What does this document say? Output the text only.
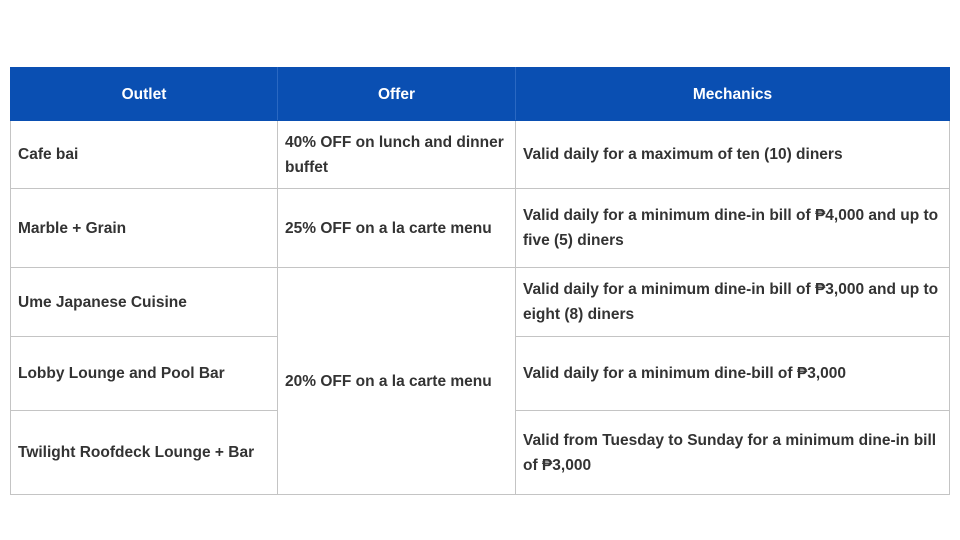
Outlet	Offer	Mechanics
Cafe bai	40% OFF on lunch and dinner buffet	Valid daily for a maximum of ten (10) diners
Marble + Grain	25% OFF on a la carte menu	Valid daily for a minimum dine-in bill of ₱4,000 and up to five (5) diners
Ume Japanese Cuisine	20% OFF on a la carte menu	Valid daily for a minimum dine-in bill of ₱3,000 and up to eight (8) diners
Lobby Lounge and Pool Bar		Valid daily for a minimum dine-bill of ₱3,000
Twilight Roofdeck Lounge + Bar		Valid from Tuesday to Sunday for a minimum dine-in bill of ₱3,000
